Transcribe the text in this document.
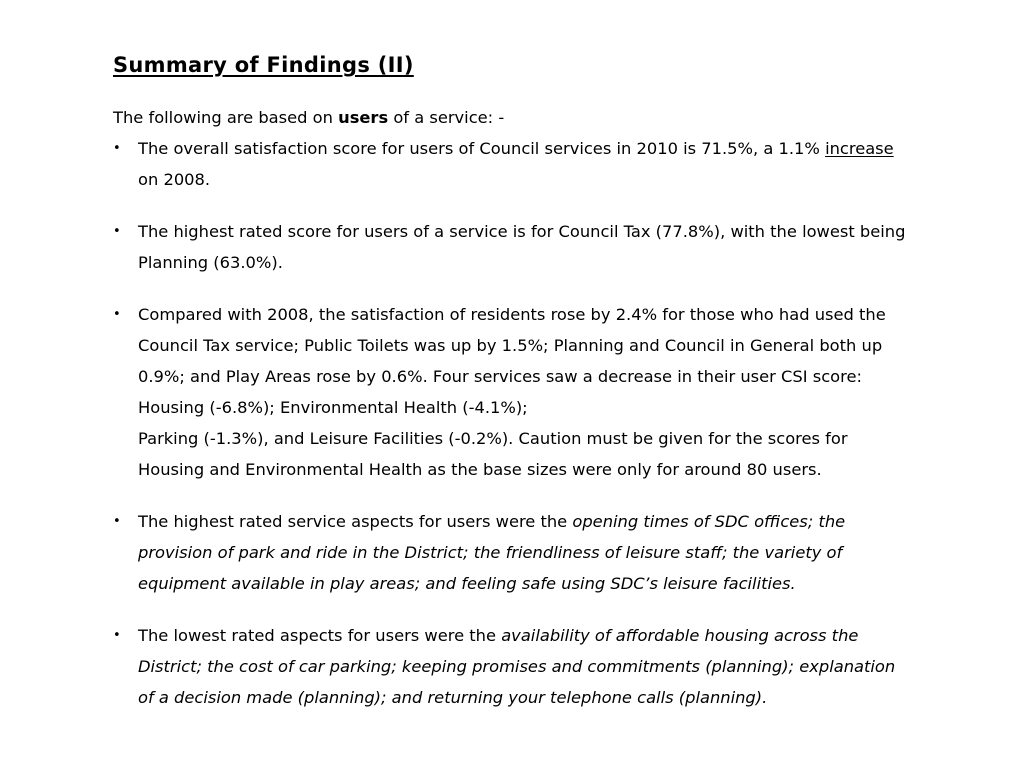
Summary of Findings (II)

The following are based on users of a service: -

• The overall satisfaction score for users of Council services in 2010 is 71.5%, a 1.1% increase on 2008.
• The highest rated score for users of a service is for Council Tax (77.8%), with the lowest being Planning (63.0%).
• Compared with 2008, the satisfaction of residents rose by 2.4% for those who had used the Council Tax service; Public Toilets was up by 1.5%; Planning and Council in General both up 0.9%; and Play Areas rose by 0.6%. Four services saw a decrease in their user CSI score: Housing (-6.8%); Environmental Health (-4.1%);
Parking (-1.3%), and Leisure Facilities (-0.2%). Caution must be given for the scores for Housing and Environmental Health as the base sizes were only for around 80 users.
• The highest rated service aspects for users were the opening times of SDC offices; the provision of park and ride in the District; the friendliness of leisure staff; the variety of equipment available in play areas; and feeling safe using SDC’s leisure facilities.
• The lowest rated aspects for users were the availability of affordable housing across the District; the cost of car parking; keeping promises and commitments (planning); explanation of a decision made (planning); and returning your telephone calls (planning).
